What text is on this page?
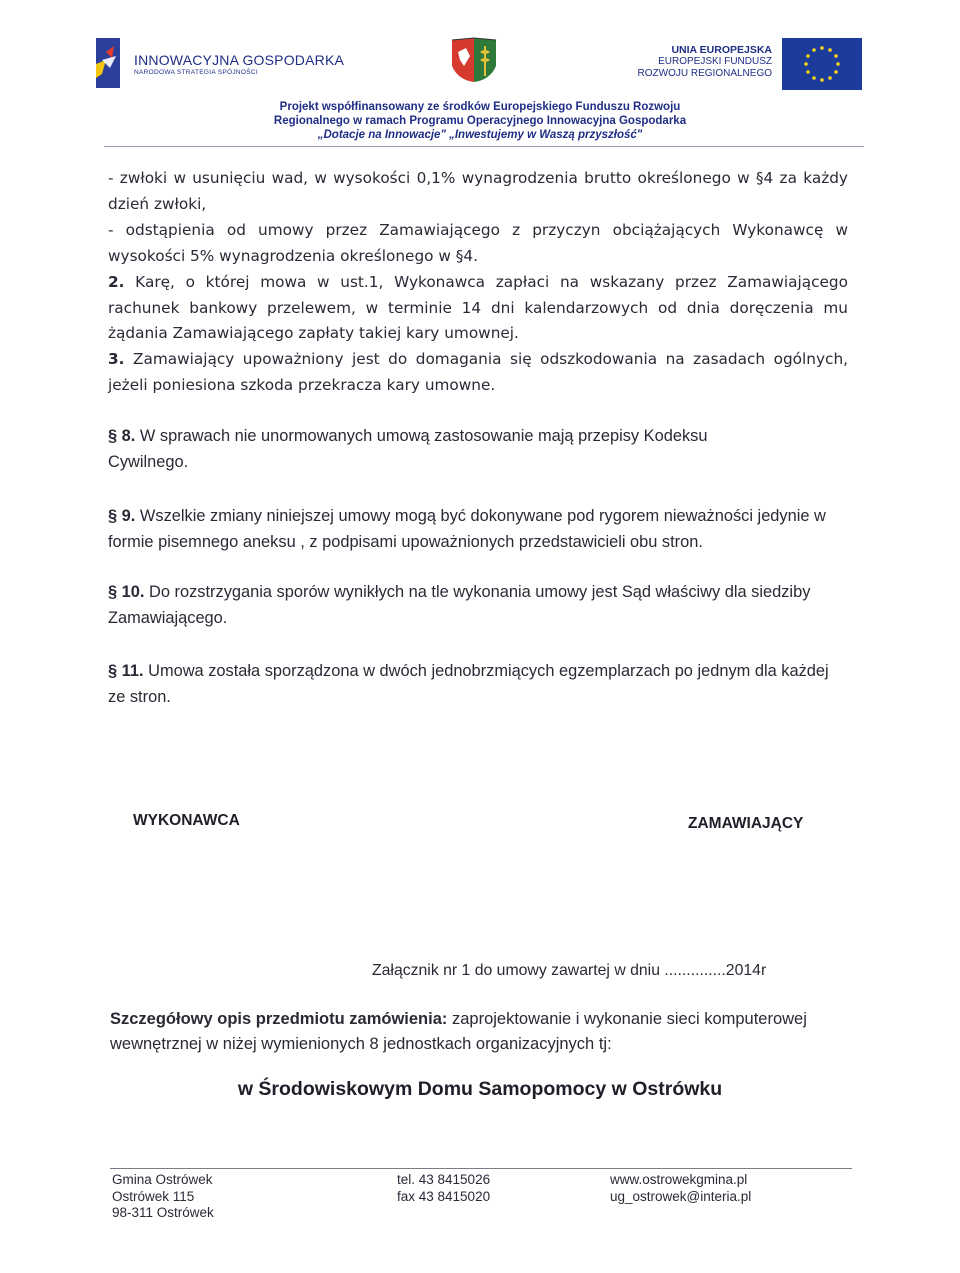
INNOWACYJNA GOSPODARKA
NARODOWA STRATEGIA SPÓJNOŚCI
UNIA EUROPEJSKA
EUROPEJSKI FUNDUSZ
ROZWOJU REGIONALNEGO
Projekt współfinansowany ze środków Europejskiego Funduszu Rozwoju
Regionalnego w ramach Programu Operacyjnego Innowacyjna Gospodarka
„Dotacje na Innowacje" „Inwestujemy w Waszą przyszłość"
- zwłoki w usunięciu wad, w wysokości 0,1% wynagrodzenia brutto określonego w §4 za każdy dzień zwłoki,
- odstąpienia od umowy przez Zamawiającego z przyczyn obciążających Wykonawcę w wysokości 5% wynagrodzenia określonego w §4.
2. Karę, o której mowa w ust.1, Wykonawca zapłaci na wskazany przez Zamawiającego rachunek bankowy przelewem, w terminie 14 dni kalendarzowych od dnia doręczenia mu żądania Zamawiającego zapłaty takiej kary umownej.
3. Zamawiający upoważniony jest do domagania się odszkodowania na zasadach ogólnych, jeżeli poniesiona szkoda przekracza kary umowne.
§ 8. W sprawach nie unormowanych umową zastosowanie mają przepisy Kodeksu Cywilnego.
§ 9. Wszelkie zmiany niniejszej umowy mogą być dokonywane pod rygorem nieważności jedynie w formie pisemnego aneksu , z podpisami upoważnionych przedstawicieli obu stron.
§ 10. Do rozstrzygania sporów wynikłych na tle wykonania umowy jest Sąd właściwy dla siedziby Zamawiającego.
§ 11. Umowa została sporządzona w dwóch jednobrzmiących egzemplarzach po jednym dla każdej ze stron.
WYKONAWCA	ZAMAWIAJĄCY
Załącznik nr 1 do umowy zawartej w dniu ..............2014r
Szczegółowy opis przedmiotu zamówienia: zaprojektowanie i wykonanie sieci komputerowej wewnętrznej w niżej wymienionych 8 jednostkach organizacyjnych tj:
w Środowiskowym Domu Samopomocy w Ostrówku
Gmina Ostrówek
Ostrówek 115
98-311 Ostrówek
tel. 43 8415026
fax 43 8415020
www.ostrowekgmina.pl
ug_ostrowek@interia.pl
